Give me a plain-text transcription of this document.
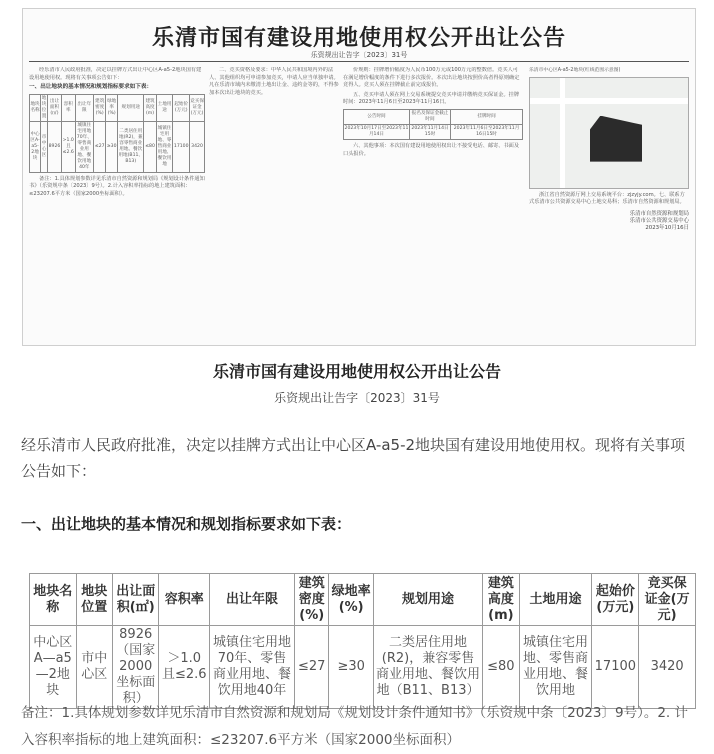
乐清市国有建设用地使用权公开出让公告
乐资规出让告字〔2023〕31号

经乐清市人民政府批准，决定以挂牌方式出让中心区A-a5-2地块国有建设用地使用权。现将有关事项公告如下：

一、出让地块的基本情况和规划指标要求如下表：
地块名称	地块位置	出让面积(㎡)	容积率	出让年限	建筑密度(%)	绿地率(%)	规划用途	建筑高度(m)	土地用途	起始价(万元)	竞买保证金(万元)
中心区A-a5-2地块	市中心区	8926	>1.0且≤2.6	城镇住宅用地70年、零售商业用地、餐饮用地40年	≤27	≥30	二类居住用地(R2)，兼容零售商业用地、餐饮用地(B11、B13)	≤80	城镇住宅用地、零售商业用地、餐饮用地	17100	3420

备注：1.具体规划参数详见乐清市自然资源和规划局《规划设计条件通知书》（乐资规中条〔2023〕9号）。2.计入容积率指标的地上建筑面积：≤23207.6平方米（国家2000坐标面积）。

二、竞买资格及要求：中华人民共和国境内外的法人、其他组织均可申请参加竞买，申请人应当单独申请。凡在乐清市域内未缴清土地出让金、违约金等的，不得参加本次出让地块的竞买。

价规则：挂牌增价幅度为人民币100万元或100万元的整数倍。竞买人可在满足增价幅度的条件下进行多次报价。本次出让地块按照价高者得原则确定竞得人。竞买人须在挂牌截止前完成报价。

五、竞买申请人须在网上交易系统提交竞买申请并缴纳竞买保证金。挂牌时间：2023年11月6日至2023年11月16日。

公告时间	报名及保证金截止时间	挂牌时间
2023年10月17日至2023年11月14日	2023年11月14日15时	2023年11月6日至2023年11月16日15时

六、其他事项：本次国有建设用地使用权出让不接受电话、邮寄、书面及口头报价。

乐清市中心区A-a5-2地块(红线范围示意图)

浙江省自然资源厅网上交易系统平台：zjzyjy.com。七、联系方式乐清市公共资源交易中心土地交易科；乐清市自然资源和规划局。

乐清市自然资源和规划局
乐清市公共资源交易中心
2023年10月16日
乐清市国有建设用地使用权公开出让公告
乐资规出让告字〔2023〕31号
经乐清市人民政府批准，决定以挂牌方式出让中心区A-a5-2地块国有建设用地使用权。现将有关事项公告如下：
一、出让地块的基本情况和规划指标要求如下表：
地块名称	地块位置	出让面积(㎡)	容积率	出让年限	建筑密度(%)	绿地率(%)	规划用途	建筑高度(m)	土地用途	起始价(万元)	竞买保证金(万元)
中心区A—a5—2地块	市中心区	8926（国家2000坐标面积）	＞1.0且≤2.6	城镇住宅用地70年、零售商业用地、餐饮用地40年	≤27	≥30	二类居住用地(R2)，兼容零售商业用地、餐饮用地（B11、B13）	≤80	城镇住宅用地、零售商业用地、餐饮用地	17100	3420
备注：1.具体规划参数详见乐清市自然资源和规划局《规划设计条件通知书》（乐资规中条〔2023〕9号）。2. 计入容积率指标的地上建筑面积：≤23207.6平方米（国家2000坐标面积）
